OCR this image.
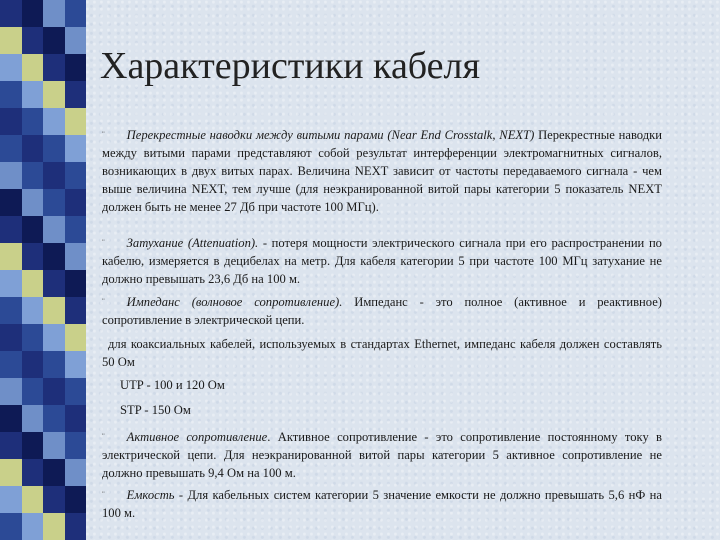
Характеристики кабеля
¨ Перекрестные наводки между витыми парами (Near End Crosstalk, NEXT) Перекрестные наводки между витыми парами представляют собой результат интерференции электромагнитных сигналов, возникающих в двух витых парах. Величина NEXT зависит от частоты передаваемого сигнала - чем выше величина NEXT, тем лучше (для неэкранированной витой пары категории 5 показатель NEXT должен быть не менее 27 Дб при частоте 100 МГц).
¨ Затухание (Attenuation). - потеря мощности электрического сигнала при его распространении по кабелю, измеряется в децибелах на метр. Для кабеля категории 5 при частоте 100 МГц затухание не должно превышать 23,6 Дб на 100 м.
¨ Импеданс (волновое сопротивление). Импеданс - это полное (активное и реактивное) сопротивление в электрической цепи.
для коаксиальных кабелей, используемых в стандартах Ethernet, импеданс кабеля должен составлять 50 Ом
UTP - 100 и 120 Ом
STP - 150 Ом
¨ Активное сопротивление. Активное сопротивление - это сопротивление постоянному току в электрической цепи. Для неэкранированной витой пары категории 5 активное сопротивление не должно превышать 9,4 Ом на 100 м.
¨ Емкость - Для кабельных систем категории 5 значение емкости не должно превышать 5,6 нФ на 100 м.
